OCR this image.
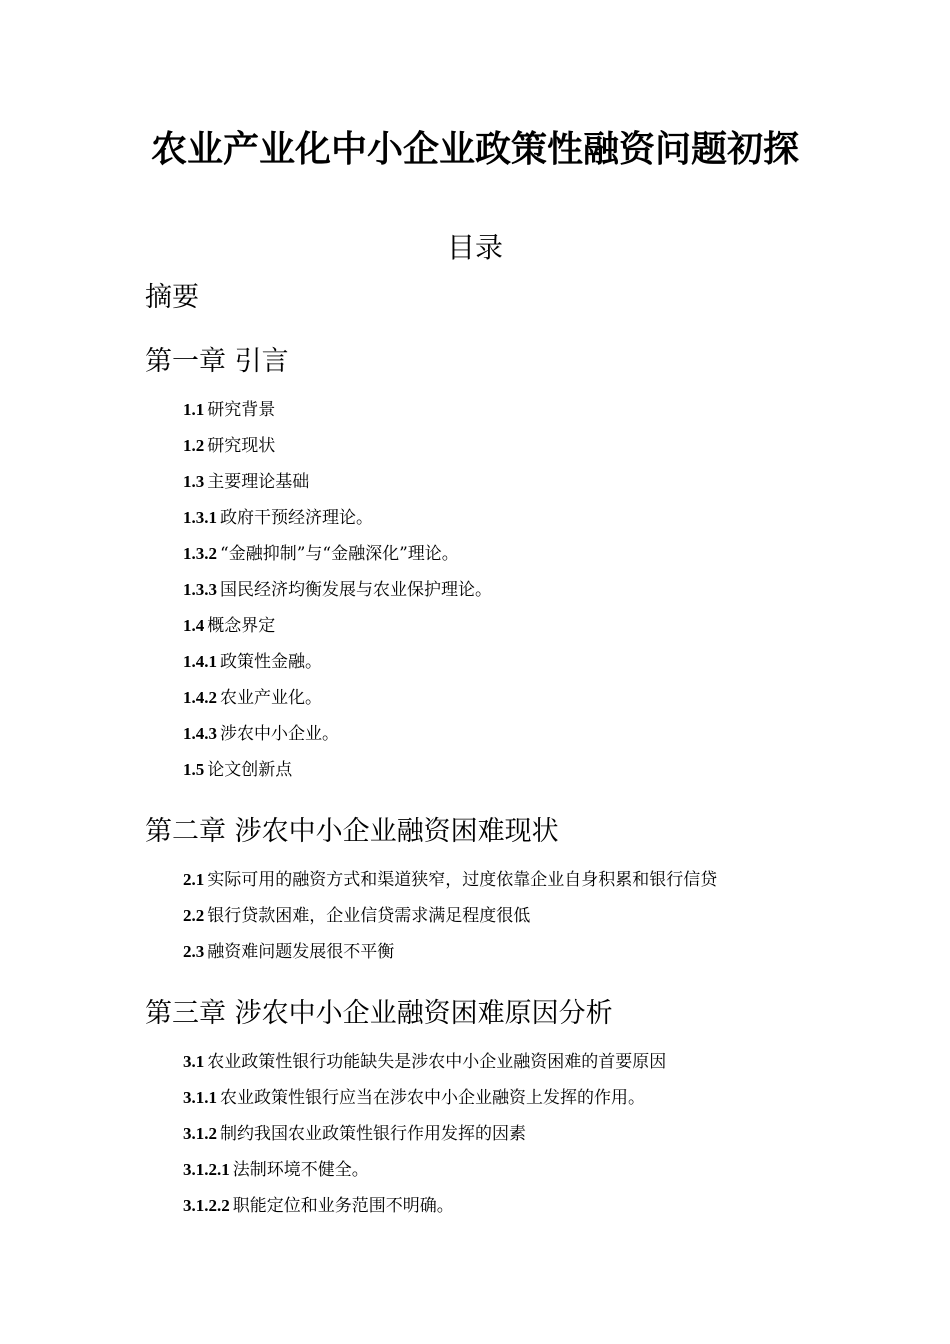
农业产业化中小企业政策性融资问题初探
目录
摘要
第一章 引言
1.1 研究背景
1.2 研究现状
1.3 主要理论基础
1.3.1 政府干预经济理论。
1.3.2 “金融抑制”与“金融深化”理论。
1.3.3 国民经济均衡发展与农业保护理论。
1.4 概念界定
1.4.1 政策性金融。
1.4.2 农业产业化。
1.4.3 涉农中小企业。
1.5 论文创新点
第二章 涉农中小企业融资困难现状
2.1 实际可用的融资方式和渠道狭窄，过度依靠企业自身积累和银行信贷
2.2 银行贷款困难，企业信贷需求满足程度很低
2.3 融资难问题发展很不平衡
第三章 涉农中小企业融资困难原因分析
3.1 农业政策性银行功能缺失是涉农中小企业融资困难的首要原因
3.1.1 农业政策性银行应当在涉农中小企业融资上发挥的作用。
3.1.2 制约我国农业政策性银行作用发挥的因素
3.1.2.1 法制环境不健全。
3.1.2.2 职能定位和业务范围不明确。
